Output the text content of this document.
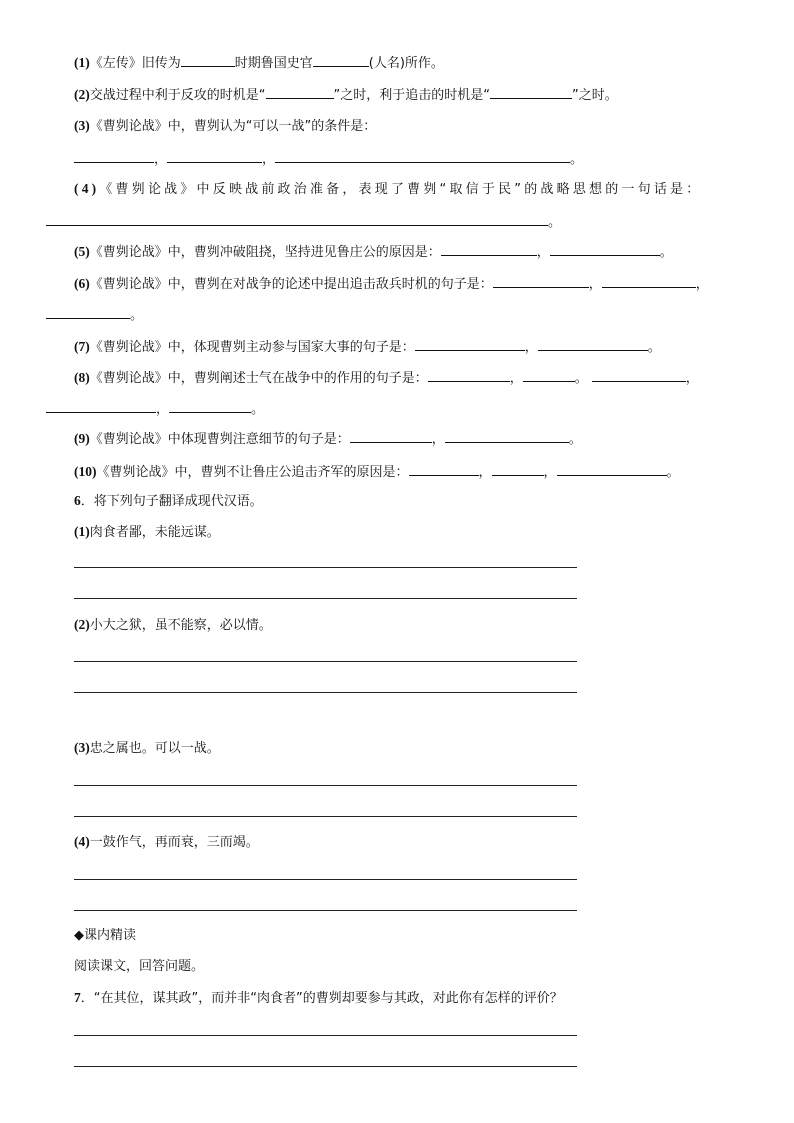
(1)《左传》旧传为	时期鲁国史官	(人名)所作。
(2)交战过程中利于反攻的时机是“	”之时，利于追击的时机是“	”之时。
(3)《曹刿论战》中，曹刿认为“可以一战”的条件是：
，	，	。
(4)《曹刿论战》中反映战前政治准备，表现了曹刿“取信于民”的战略思想的一句话是：
。
(5)《曹刿论战》中，曹刿冲破阻挠，坚持进见鲁庄公的原因是：	，	。
(6)《曹刿论战》中，曹刿在对战争的论述中提出追击敌兵时机的句子是：	，	，
。
(7)《曹刿论战》中，体现曹刿主动参与国家大事的句子是：	，	。
(8)《曹刿论战》中，曹刿阐述士气在战争中的作用的句子是：	，	。	，
，	。
(9)《曹刿论战》中体现曹刿注意细节的句子是：	，	。
(10)《曹刿论战》中，曹刿不让鲁庄公追击齐军的原因是：	，	，	。
6．将下列句子翻译成现代汉语。
(1)肉食者鄙，未能远谋。
(2)小大之狱，虽不能察，必以情。
(3)忠之属也。可以一战。
(4)一鼓作气，再而衰，三而竭。
◆课内精读
阅读课文，回答问题。
7．“在其位，谋其政”，而并非“肉食者”的曹刿却要参与其政，对此你有怎样的评价？
